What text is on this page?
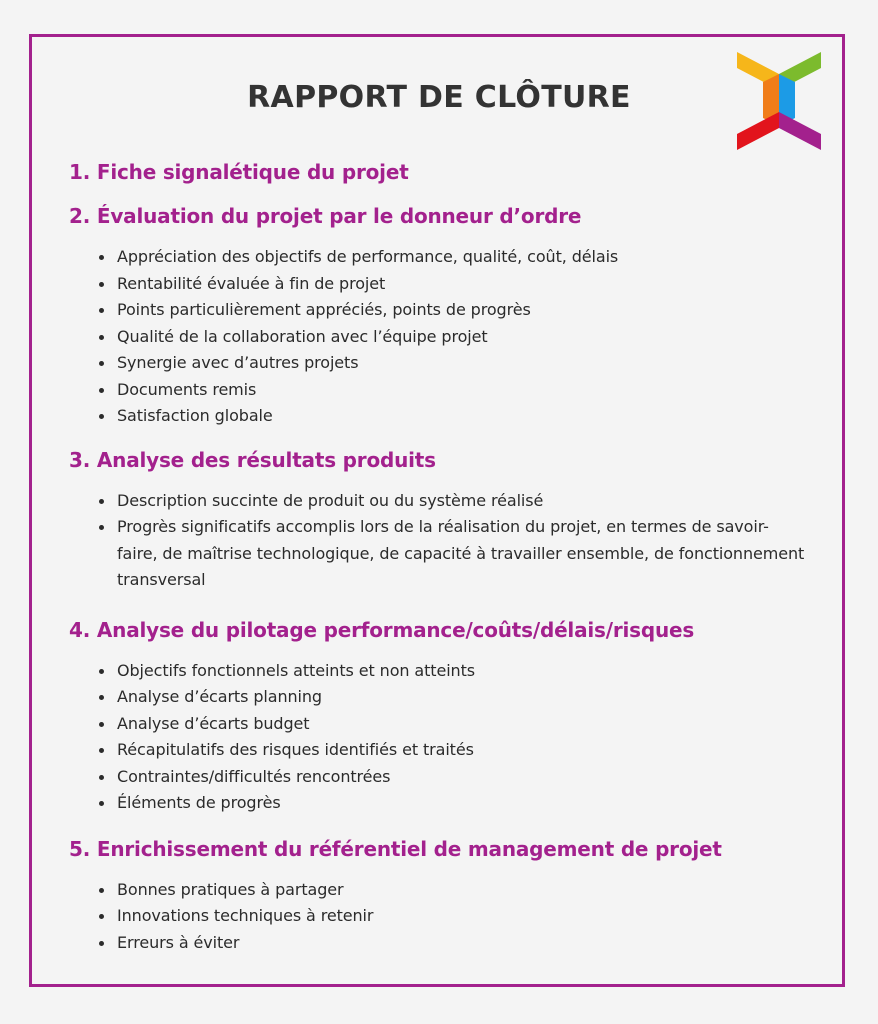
RAPPORT DE CLÔTURE
1. Fiche signalétique du projet
2. Évaluation du projet par le donneur d’ordre
Appréciation des objectifs de performance, qualité, coût, délais
Rentabilité évaluée à fin de projet
Points particulièrement appréciés, points de progrès
Qualité de la collaboration avec l’équipe projet
Synergie avec d’autres projets
Documents remis
Satisfaction globale
3. Analyse des résultats produits
Description succinte de produit ou du système réalisé
Progrès significatifs accomplis lors de la réalisation du projet, en termes de savoir-faire, de maîtrise technologique, de capacité à travailler ensemble, de fonctionnement transversal
4. Analyse du pilotage performance/coûts/délais/risques
Objectifs fonctionnels atteints et non atteints
Analyse d’écarts planning
Analyse d’écarts budget
Récapitulatifs des risques identifiés et traités
Contraintes/difficultés rencontrées
Éléments de progrès
5. Enrichissement du référentiel de management de projet
Bonnes pratiques à partager
Innovations techniques à retenir
Erreurs à éviter
